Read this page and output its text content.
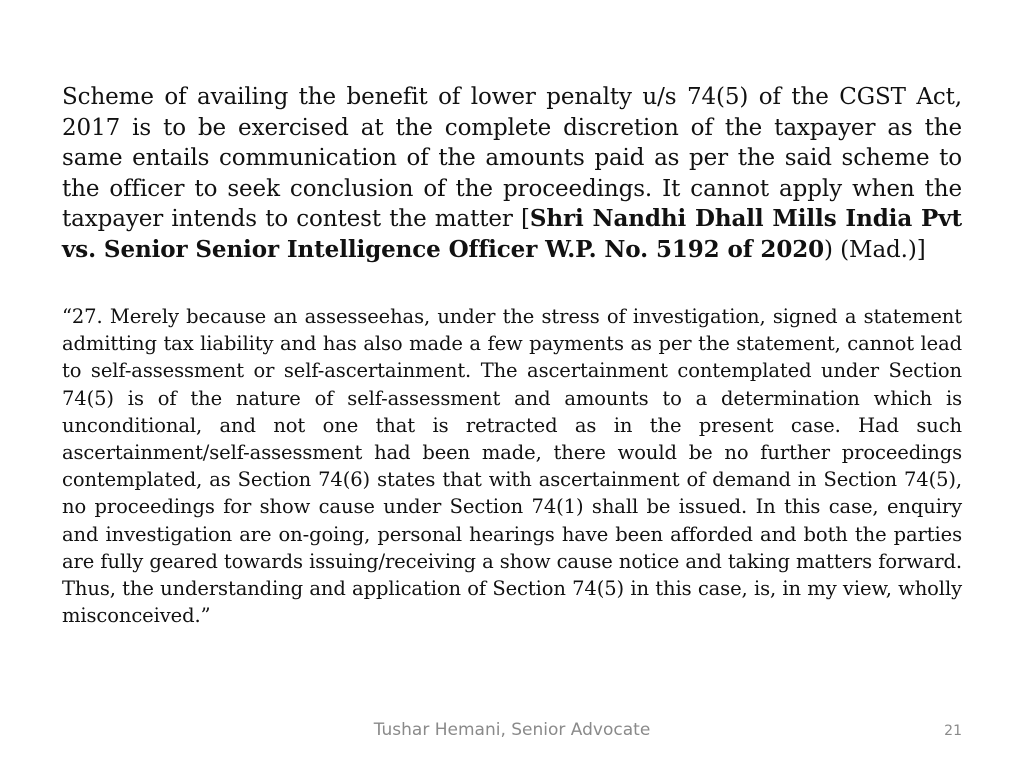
Scheme of availing the benefit of lower penalty u/s 74(5) of the CGST Act, 2017 is to be exercised at the complete discretion of the taxpayer as the same entails communication of the amounts paid as per the said scheme to the officer to seek conclusion of the proceedings. It cannot apply when the taxpayer intends to contest the matter [Shri Nandhi Dhall Mills India Pvt vs. Senior Senior Intelligence Officer W.P. No. 5192 of 2020) (Mad.)]

“27. Merely because an assesseehas, under the stress of investigation, signed a statement admitting tax liability and has also made a few payments as per the statement, cannot lead to self-assessment or self-ascertainment. The ascertainment contemplated under Section 74(5) is of the nature of self-assessment and amounts to a determination which is unconditional, and not one that is retracted as in the present case. Had such ascertainment/self-assessment had been made, there would be no further proceedings contemplated, as Section 74(6) states that with ascertainment of demand in Section 74(5), no proceedings for show cause under Section 74(1) shall be issued. In this case, enquiry and investigation are on-going, personal hearings have been afforded and both the parties are fully geared towards issuing/receiving a show cause notice and taking matters forward. Thus, the understanding and application of Section 74(5) in this case, is, in my view, wholly misconceived.”

Tushar Hemani, Senior Advocate	21
